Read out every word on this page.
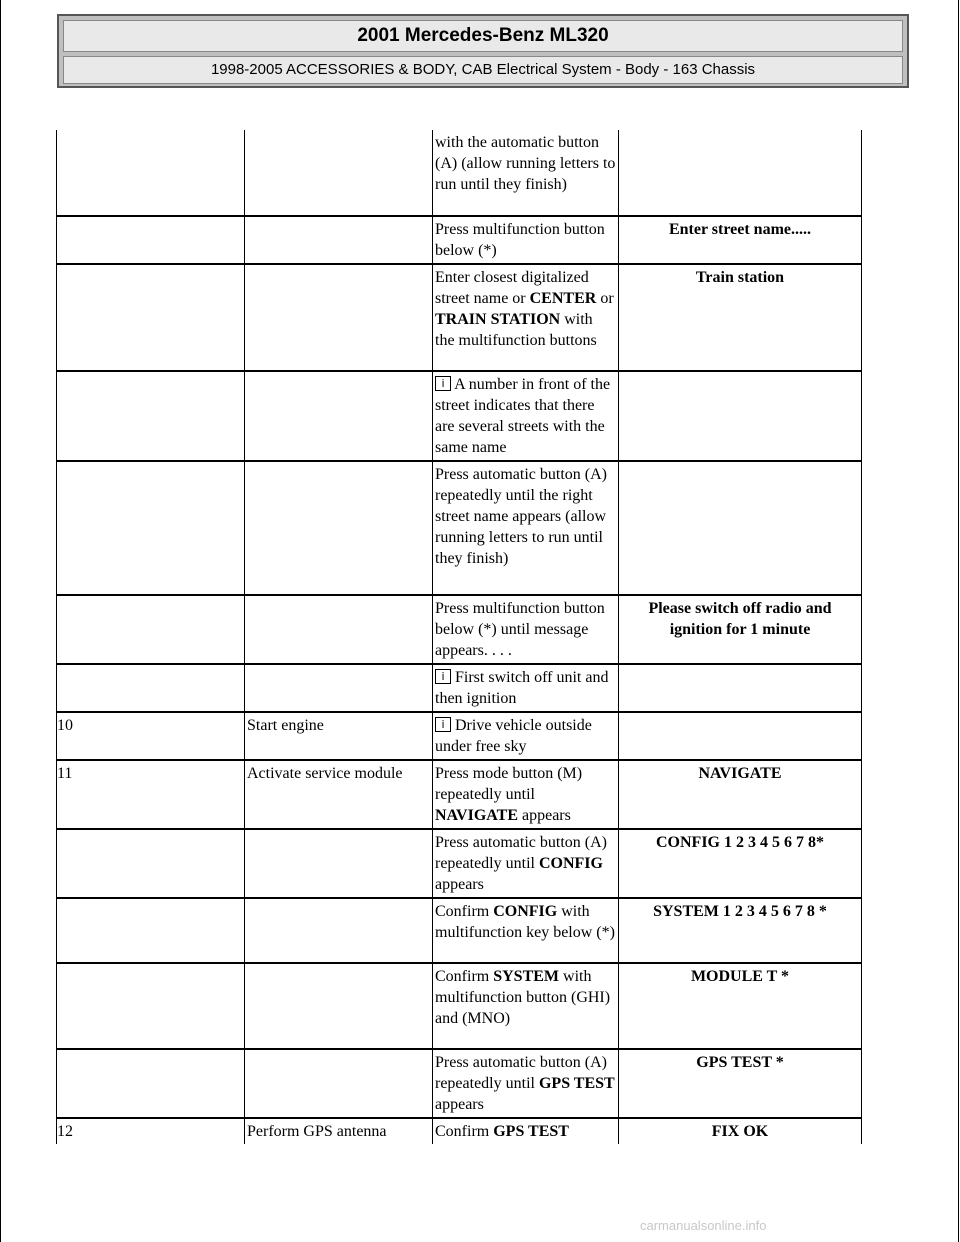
2001 Mercedes-Benz ML320
1998-2005 ACCESSORIES & BODY, CAB Electrical System - Body - 163 Chassis
		with the automatic button (A) (allow running letters to run until they finish)	
		Press multifunction button below (*)	Enter street name.....
		Enter closest digitalized street name or CENTER or TRAIN STATION with the multifunction buttons	Train station
		i A number in front of the street indicates that there are several streets with the same name	
		Press automatic button (A) repeatedly until the right street name appears (allow running letters to run until they finish)	
		Press multifunction button below (*) until message appears. . . .	Please switch off radio and ignition for 1 minute
		i First switch off unit and then ignition	
10	Start engine	i Drive vehicle outside under free sky	
11	Activate service module	Press mode button (M) repeatedly until NAVIGATE appears	NAVIGATE
		Press automatic button (A) repeatedly until CONFIG appears	CONFIG 1 2 3 4 5 6 7 8*
		Confirm CONFIG with multifunction key below (*)	SYSTEM 1 2 3 4 5 6 7 8 *
		Confirm SYSTEM with multifunction button (GHI) and (MNO)	MODULE T *
		Press automatic button (A) repeatedly until GPS TEST appears	GPS TEST *
12	Perform GPS antenna	Confirm GPS TEST	FIX OK
carmanualsonline.info
